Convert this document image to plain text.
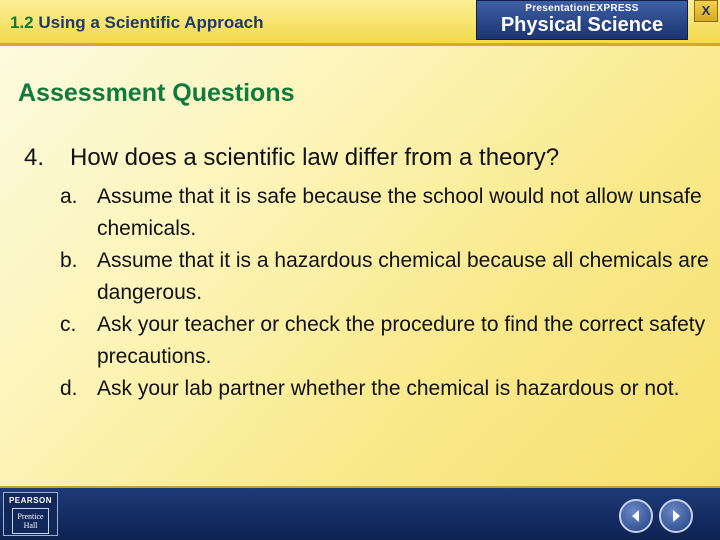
1.2 Using a Scientific Approach
PresentationEXPRESS
Physical Science
X
Assessment Questions
4. How does a scientific law differ from a theory?
a. Assume that it is safe because the school would not allow unsafe chemicals.
b. Assume that it is a hazardous chemical because all chemicals are dangerous.
c. Ask your teacher or check the procedure to find the correct safety precautions.
d. Ask your lab partner whether the chemical is hazardous or not.
PEARSON
Prentice
Hall
